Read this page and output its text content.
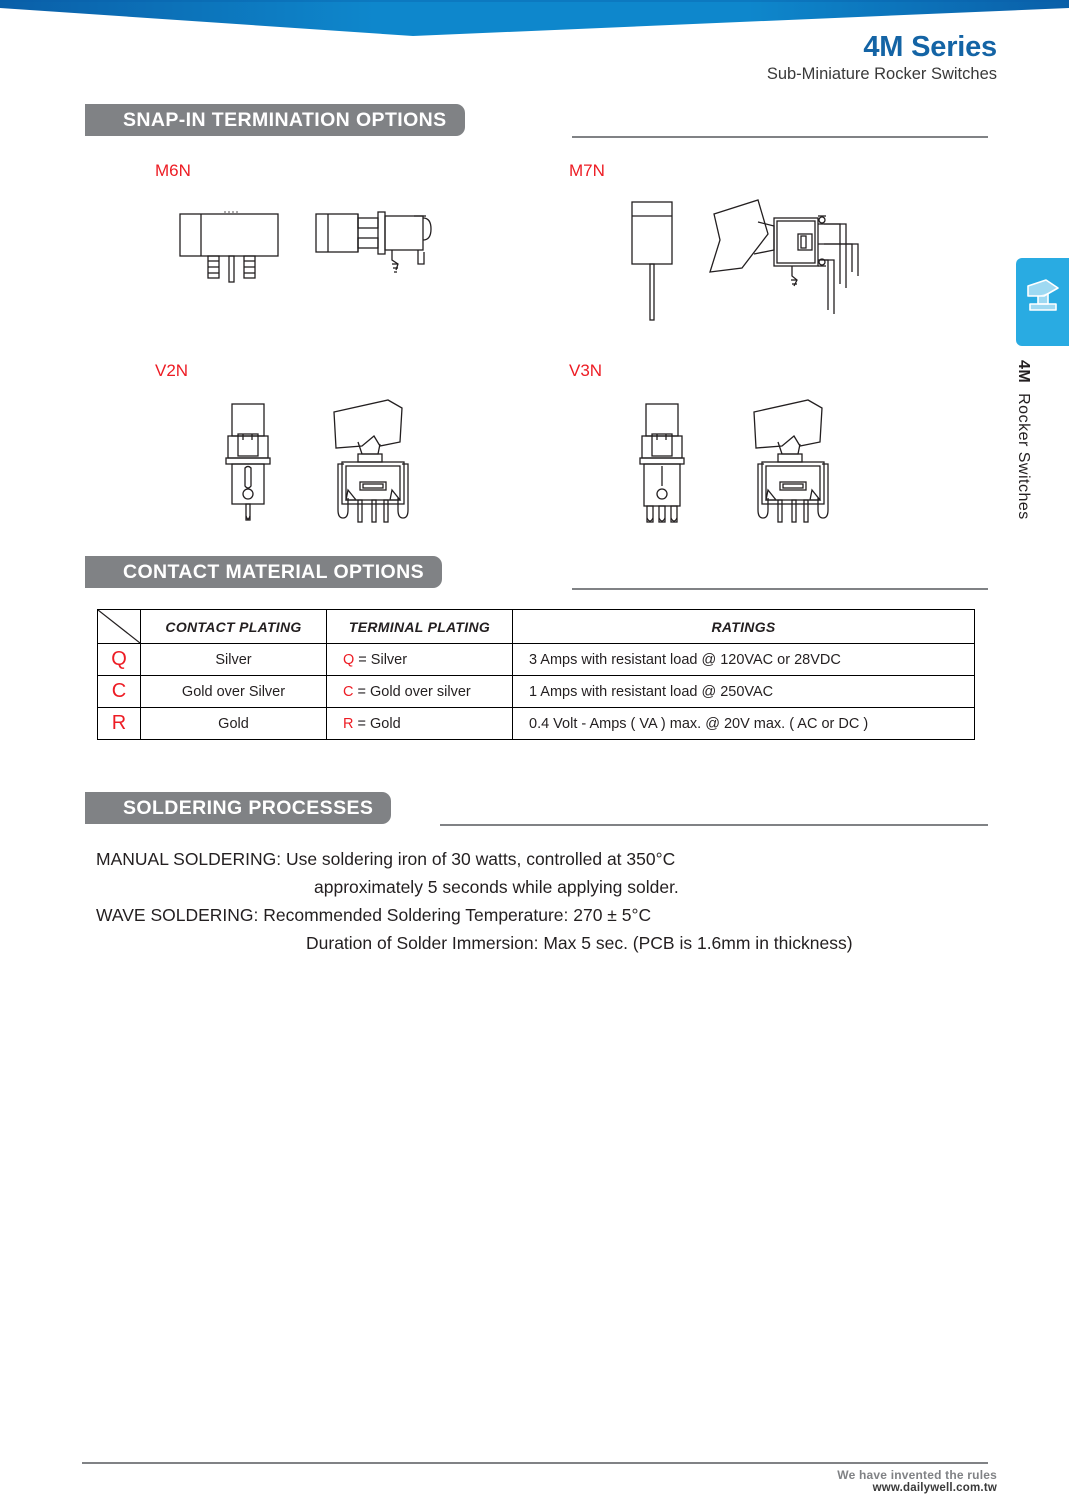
4M Series
Sub-Miniature Rocker Switches
SNAP-IN TERMINATION OPTIONS
M6N	M7N
V2N	V3N
CONTACT MATERIAL OPTIONS
	CONTACT PLATING	TERMINAL PLATING	RATINGS
Q	Silver	Q = Silver	3 Amps with resistant load @ 120VAC or 28VDC
C	Gold over Silver	C = Gold over silver	1 Amps with resistant load @ 250VAC
R	Gold	R = Gold	0.4 Volt - Amps ( VA ) max. @ 20V max. ( AC or DC )
SOLDERING PROCESSES
MANUAL SOLDERING: Use soldering iron of 30 watts, controlled at 350°C
approximately 5 seconds while applying solder.
WAVE SOLDERING: Recommended Soldering Temperature: 270 ± 5°C
Duration of Solder Immersion: Max 5 sec. (PCB is 1.6mm in thickness)
4M  Rocker Switches
We have invented the rules
www.dailywell.com.tw
